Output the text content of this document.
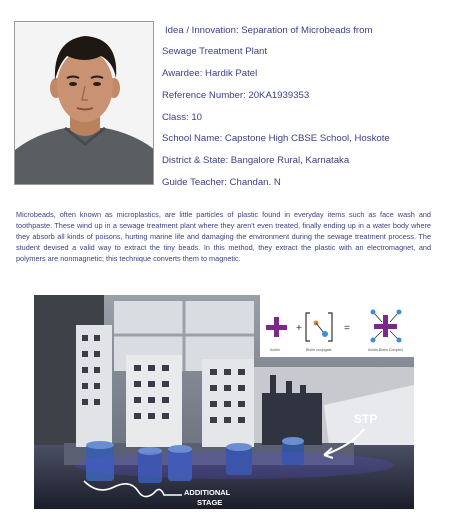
Idea / Innovation: Separation of Microbeads from
Sewage Treatment Plant
Awardee: Hardik Patel
Reference Number: 20KA1939353
Class: 10
School Name: Capstone High CBSE School, Hoskote
District & State: Bangalore Rural, Karnataka
Guide Teacher: Chandan. N

Microbeads, often known as microplastics, are little particles of plastic found in everyday items such as face wash and toothpaste. These wind up in a sewage treatment plant where they aren't even treated, finally ending up in a water body where they absorb all kinds of poisons, hurting marine life and damaging the environment during the sewage treatment process. The student devised a valid way to extract the tiny beads. In this method, they extract the plastic with an electromagnet, and polymers are nonmagnetic; this technique converts them to magnetic.

+	=
Avidin	Biotin conjugate	Avidin-Biotin Complex
STP
ADDITIONAL
STAGE
